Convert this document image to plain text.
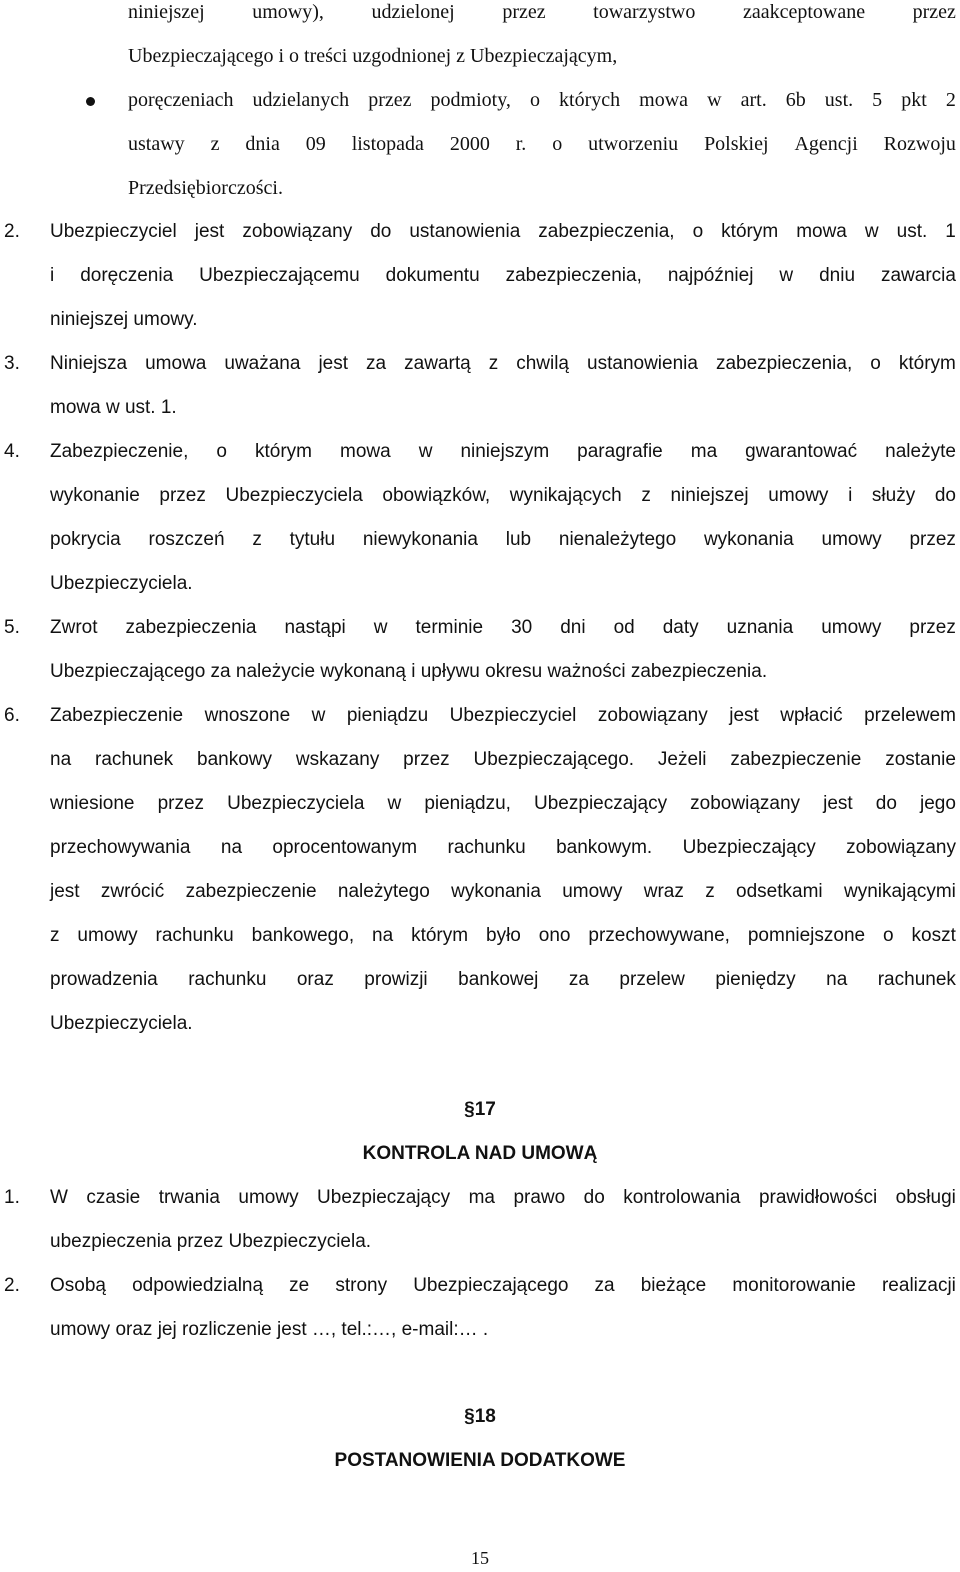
niniejszej umowy), udzielonej przez towarzystwo zaakceptowane przez
Ubezpieczającego i o treści uzgodnionej z Ubezpieczającym,
poręczeniach udzielanych przez podmioty, o których mowa w art. 6b ust. 5 pkt 2
ustawy z dnia 09 listopada 2000 r. o utworzeniu Polskiej Agencji Rozwoju
Przedsiębiorczości.
2. Ubezpieczyciel jest zobowiązany do ustanowienia zabezpieczenia, o którym mowa w ust. 1
i doręczenia Ubezpieczającemu dokumentu zabezpieczenia, najpóźniej w dniu zawarcia
niniejszej umowy.
3. Niniejsza umowa uważana jest za zawartą z chwilą ustanowienia zabezpieczenia, o którym
mowa w ust. 1.
4. Zabezpieczenie, o którym mowa w niniejszym paragrafie ma gwarantować należyte
wykonanie przez Ubezpieczyciela obowiązków, wynikających z niniejszej umowy i służy do
pokrycia roszczeń z tytułu niewykonania lub nienależytego wykonania umowy przez
Ubezpieczyciela.
5. Zwrot zabezpieczenia nastąpi w terminie 30 dni od daty uznania umowy przez
Ubezpieczającego za należycie wykonaną i upływu okresu ważności zabezpieczenia.
6. Zabezpieczenie wnoszone w pieniądzu Ubezpieczyciel zobowiązany jest wpłacić przelewem
na rachunek bankowy wskazany przez Ubezpieczającego. Jeżeli zabezpieczenie zostanie
wniesione przez Ubezpieczyciela w pieniądzu, Ubezpieczający zobowiązany jest do jego
przechowywania na oprocentowanym rachunku bankowym. Ubezpieczający zobowiązany
jest zwrócić zabezpieczenie należytego wykonania umowy wraz z odsetkami wynikającymi
z umowy rachunku bankowego, na którym było ono przechowywane, pomniejszone o koszt
prowadzenia rachunku oraz prowizji bankowej za przelew pieniędzy na rachunek
Ubezpieczyciela.
§17
KONTROLA NAD UMOWĄ
1. W czasie trwania umowy Ubezpieczający ma prawo do kontrolowania prawidłowości obsługi
ubezpieczenia przez Ubezpieczyciela.
2. Osobą odpowiedzialną ze strony Ubezpieczającego za bieżące monitorowanie realizacji
umowy oraz jej rozliczenie jest …, tel.:…, e-mail:… .
§18
POSTANOWIENIA DODATKOWE
15
